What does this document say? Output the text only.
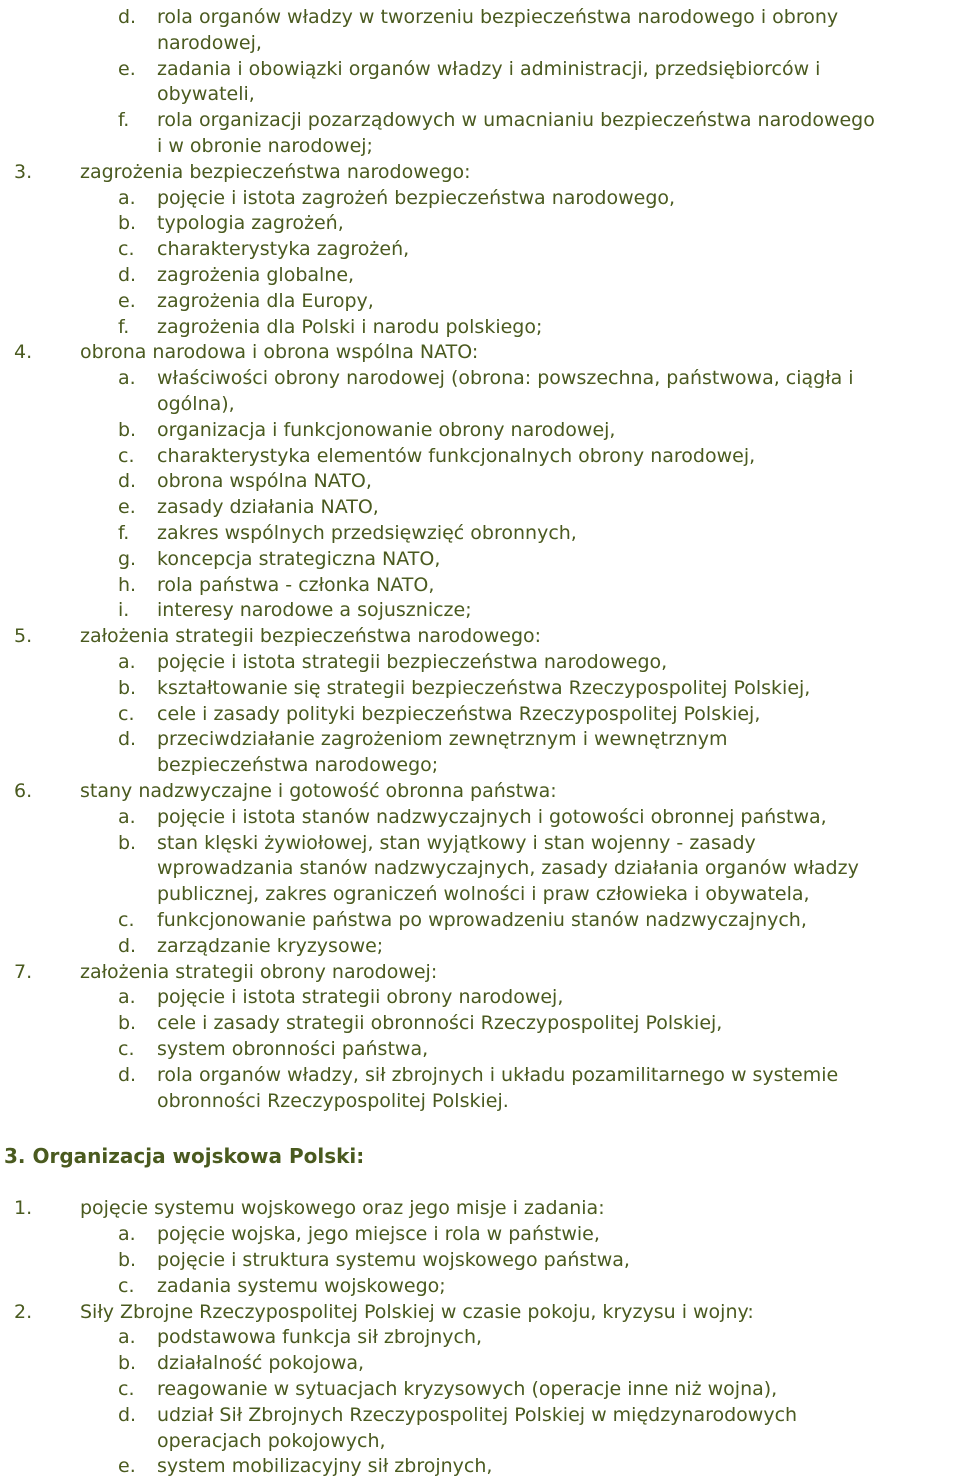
d. rola organów władzy w tworzeniu bezpieczeństwa narodowego i obrony
narodowej,
e. zadania i obowiązki organów władzy i administracji, przedsiębiorców i
obywateli,
f. rola organizacji pozarządowych w umacnianiu bezpieczeństwa narodowego
i w obronie narodowej;
3.	zagrożenia bezpieczeństwa narodowego:
a. pojęcie i istota zagrożeń bezpieczeństwa narodowego,
b. typologia zagrożeń,
c. charakterystyka zagrożeń,
d. zagrożenia globalne,
e. zagrożenia dla Europy,
f. zagrożenia dla Polski i narodu polskiego;
4.	obrona narodowa i obrona wspólna NATO:
a. właściwości obrony narodowej (obrona: powszechna, państwowa, ciągła i
ogólna),
b. organizacja i funkcjonowanie obrony narodowej,
c. charakterystyka elementów funkcjonalnych obrony narodowej,
d. obrona wspólna NATO,
e. zasady działania NATO,
f. zakres wspólnych przedsięwzięć obronnych,
g. koncepcja strategiczna NATO,
h. rola państwa - członka NATO,
i. interesy narodowe a sojusznicze;
5.	założenia strategii bezpieczeństwa narodowego:
a. pojęcie i istota strategii bezpieczeństwa narodowego,
b. kształtowanie się strategii bezpieczeństwa Rzeczypospolitej Polskiej,
c. cele i zasady polityki bezpieczeństwa Rzeczypospolitej Polskiej,
d. przeciwdziałanie zagrożeniom zewnętrznym i wewnętrznym
bezpieczeństwa narodowego;
6.	stany nadzwyczajne i gotowość obronna państwa:
a. pojęcie i istota stanów nadzwyczajnych i gotowości obronnej państwa,
b. stan klęski żywiołowej, stan wyjątkowy i stan wojenny - zasady
wprowadzania stanów nadzwyczajnych, zasady działania organów władzy
publicznej, zakres ograniczeń wolności i praw człowieka i obywatela,
c. funkcjonowanie państwa po wprowadzeniu stanów nadzwyczajnych,
d. zarządzanie kryzysowe;
7.	założenia strategii obrony narodowej:
a. pojęcie i istota strategii obrony narodowej,
b. cele i zasady strategii obronności Rzeczypospolitej Polskiej,
c. system obronności państwa,
d. rola organów władzy, sił zbrojnych i układu pozamilitarnego w systemie
obronności Rzeczypospolitej Polskiej.
3. Organizacja wojskowa Polski:
1.	pojęcie systemu wojskowego oraz jego misje i zadania:
a. pojęcie wojska, jego miejsce i rola w państwie,
b. pojęcie i struktura systemu wojskowego państwa,
c. zadania systemu wojskowego;
2.	Siły Zbrojne Rzeczypospolitej Polskiej w czasie pokoju, kryzysu i wojny:
a. podstawowa funkcja sił zbrojnych,
b. działalność pokojowa,
c. reagowanie w sytuacjach kryzysowych (operacje inne niż wojna),
d. udział Sił Zbrojnych Rzeczypospolitej Polskiej w międzynarodowych
operacjach pokojowych,
e. system mobilizacyjny sił zbrojnych,
